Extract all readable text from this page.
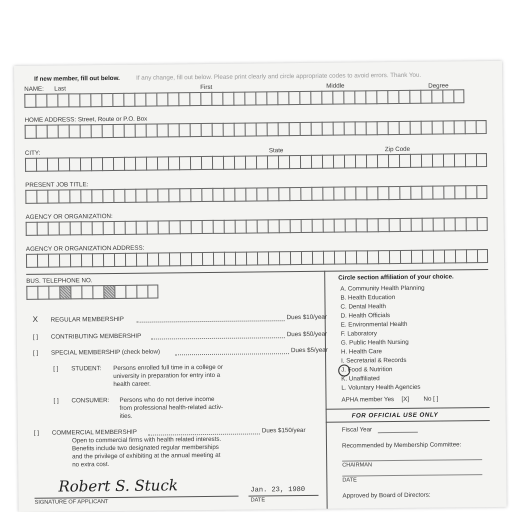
If new member, fill out below.	If any change, fill out below. Please print clearly and circle appropriate codes to avoid errors. Thank You.
NAME: Last	First	Middle	Degree
HOME ADDRESS: Street, Route or P.O. Box
CITY:	State	Zip Code
PRESENT JOB TITLE:
AGENCY OR ORGANIZATION:
AGENCY OR ORGANIZATION ADDRESS:
BUS. TELEPHONE NO.
X REGULAR MEMBERSHIP	Dues $10/year
[ ] CONTRIBUTING MEMBERSHIP	Dues $50/year
[ ] SPECIAL MEMBERSHIP (check below)	Dues $5/year
[ ] STUDENT: Persons enrolled full time in a college or
university in preparation for entry into a
health career.
[ ] CONSUMER: Persons who do not derive income
from professional health-related activ-
ities.
[ ] COMMERCIAL MEMBERSHIP	Dues $150/year
Open to commercial firms with health related interests.
Benefits include two designated regular memberships
and the privilege of exhibiting at the annual meeting at
no extra cost.
Robert S. Stuck
SIGNATURE OF APPLICANT
Jan. 23, 1980
DATE
Circle section affiliation of your choice.
A. Community Health Planning
B. Health Education
C. Dental Health
D. Health Officials
E. Environmental Health
F. Laboratory
G. Public Health Nursing
H. Health Care
I. Secretarial & Records
J. Food & Nutrition
K. Unaffiliated
L. Voluntary Health Agencies
APHA member Yes [X] No [ ]
FOR OFFICIAL USE ONLY
Fiscal Year
Recommended by Membership Committee:
CHAIRMAN
DATE
Approved by Board of Directors:
